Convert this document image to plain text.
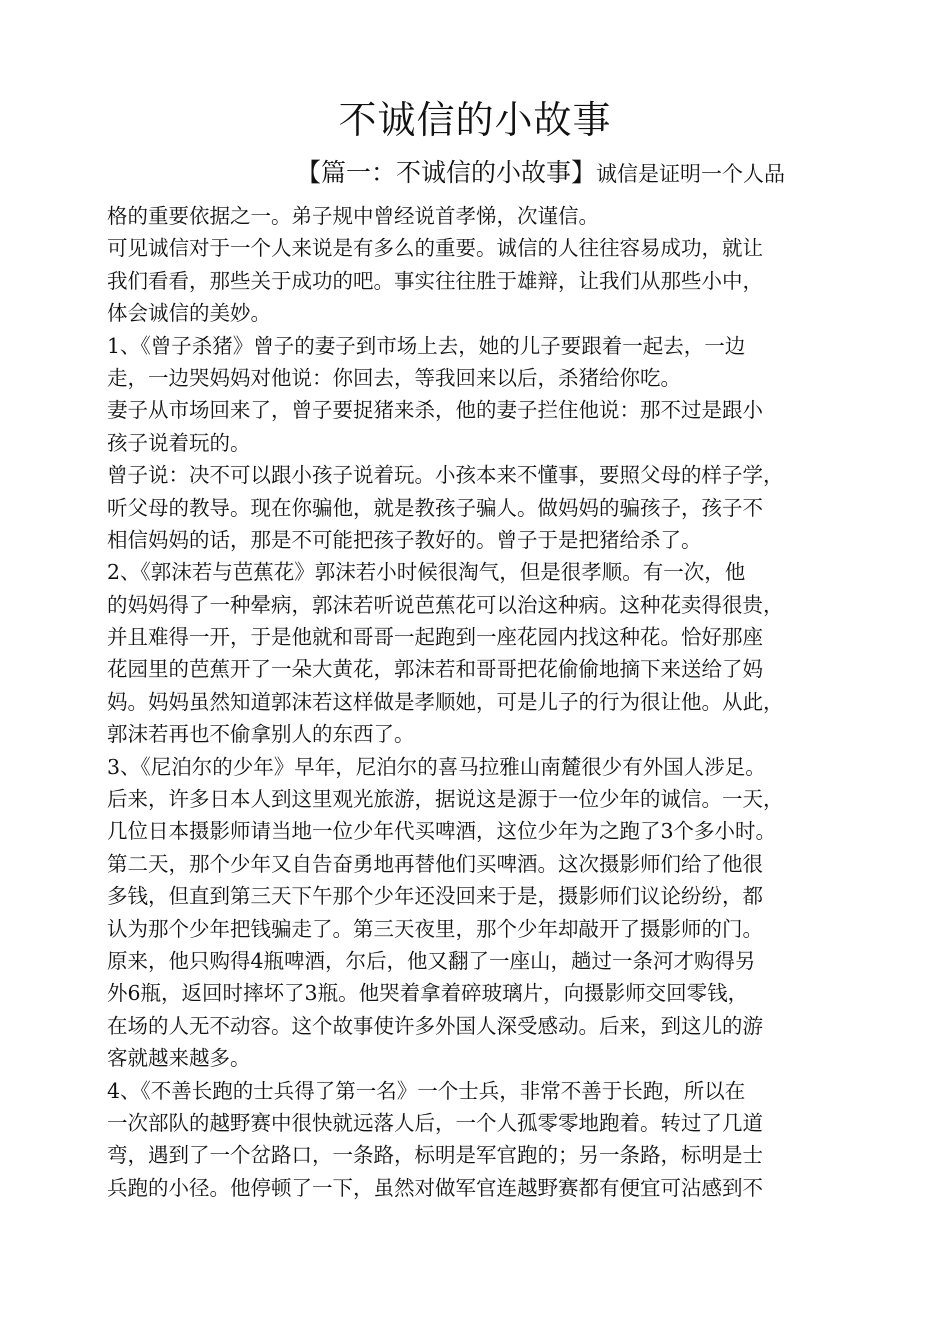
不诚信的小故事
【篇一：不诚信的小故事】诚信是证明一个人品
格的重要依据之一。弟子规中曾经说首孝悌，次谨信。
可见诚信对于一个人来说是有多么的重要。诚信的人往往容易成功，就让
我们看看，那些关于成功的吧。事实往往胜于雄辩，让我们从那些小中，
体会诚信的美妙。
1、《曾子杀猪》曾子的妻子到市场上去，她的儿子要跟着一起去，一边
走，一边哭妈妈对他说：你回去，等我回来以后，杀猪给你吃。
妻子从市场回来了，曾子要捉猪来杀，他的妻子拦住他说：那不过是跟小
孩子说着玩的。
曾子说：决不可以跟小孩子说着玩。小孩本来不懂事，要照父母的样子学，
听父母的教导。现在你骗他，就是教孩子骗人。做妈妈的骗孩子，孩子不
相信妈妈的话，那是不可能把孩子教好的。曾子于是把猪给杀了。
2、《郭沫若与芭蕉花》郭沫若小时候很淘气，但是很孝顺。有一次，他
的妈妈得了一种晕病，郭沫若听说芭蕉花可以治这种病。这种花卖得很贵，
并且难得一开，于是他就和哥哥一起跑到一座花园内找这种花。恰好那座
花园里的芭蕉开了一朵大黄花，郭沫若和哥哥把花偷偷地摘下来送给了妈
妈。妈妈虽然知道郭沫若这样做是孝顺她，可是儿子的行为很让他。从此，
郭沫若再也不偷拿别人的东西了。
3、《尼泊尔的少年》早年，尼泊尔的喜马拉雅山南麓很少有外国人涉足。
后来，许多日本人到这里观光旅游，据说这是源于一位少年的诚信。一天，
几位日本摄影师请当地一位少年代买啤酒，这位少年为之跑了3个多小时。
第二天，那个少年又自告奋勇地再替他们买啤酒。这次摄影师们给了他很
多钱，但直到第三天下午那个少年还没回来于是，摄影师们议论纷纷，都
认为那个少年把钱骗走了。第三天夜里，那个少年却敲开了摄影师的门。
原来，他只购得4瓶啤酒，尔后，他又翻了一座山，趟过一条河才购得另
外6瓶，返回时摔坏了3瓶。他哭着拿着碎玻璃片，向摄影师交回零钱，
在场的人无不动容。这个故事使许多外国人深受感动。后来，到这儿的游
客就越来越多。
4、《不善长跑的士兵得了第一名》一个士兵，非常不善于长跑，所以在
一次部队的越野赛中很快就远落人后，一个人孤零零地跑着。转过了几道
弯，遇到了一个岔路口，一条路，标明是军官跑的；另一条路，标明是士
兵跑的小径。他停顿了一下，虽然对做军官连越野赛都有便宜可沾感到不
